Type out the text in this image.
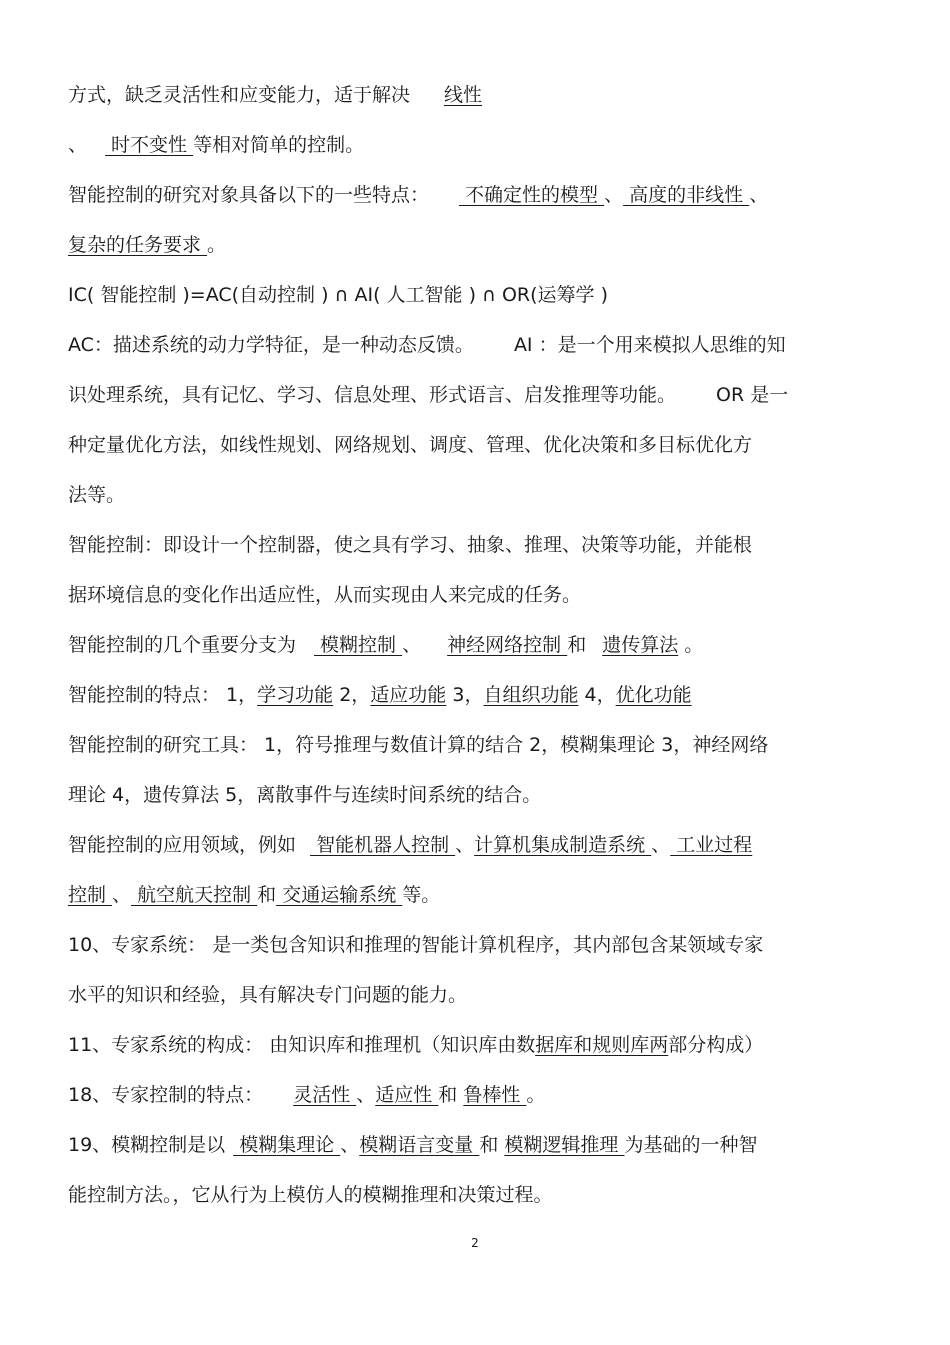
方式，缺乏灵活性和应变能力，适于解决 线性
、 时不变性 等相对简单的控制。
智能控制的研究对象具备以下的一些特点： 不确定性的模型 、 高度的非线性 、
复杂的任务要求 。
IC( 智能控制 )=AC(自动控制 ) ∩ AI( 人工智能 ) ∩ OR(运筹学 )
AC：描述系统的动力学特征，是一种动态反馈。 AI ：是一个用来模拟人思维的知
识处理系统，具有记忆、学习、信息处理、形式语言、启发推理等功能。 OR 是一
种定量优化方法，如线性规划、网络规划、调度、管理、优化决策和多目标优化方
法等。
智能控制：即设计一个控制器，使之具有学习、抽象、推理、决策等功能，并能根
据环境信息的变化作出适应性，从而实现由人来完成的任务。
智能控制的几个重要分支为 模糊控制 、 神经网络控制 和 遗传算法 。
智能控制的特点： 1，学习功能 2，适应功能 3，自组织功能 4，优化功能
智能控制的研究工具： 1，符号推理与数值计算的结合 2，模糊集理论 3，神经网络
理论 4，遗传算法 5，离散事件与连续时间系统的结合。
智能控制的应用领域，例如  智能机器人控制 、计算机集成制造系统 、 工业过程
控制 、 航空航天控制 和 交通运输系统 等。
10、专家系统： 是一类包含知识和推理的智能计算机程序，其内部包含某领域专家
水平的知识和经验，具有解决专门问题的能力。
11、专家系统的构成： 由知识库和推理机（知识库由数据库和规则库两部分构成）
18、专家控制的特点： 灵活性 、适应性 和 鲁棒性 。
19、模糊控制是以 模糊集理论 、模糊语言变量 和 模糊逻辑推理 为基础的一种智
能控制方法。，它从行为上模仿人的模糊推理和决策过程。
2
